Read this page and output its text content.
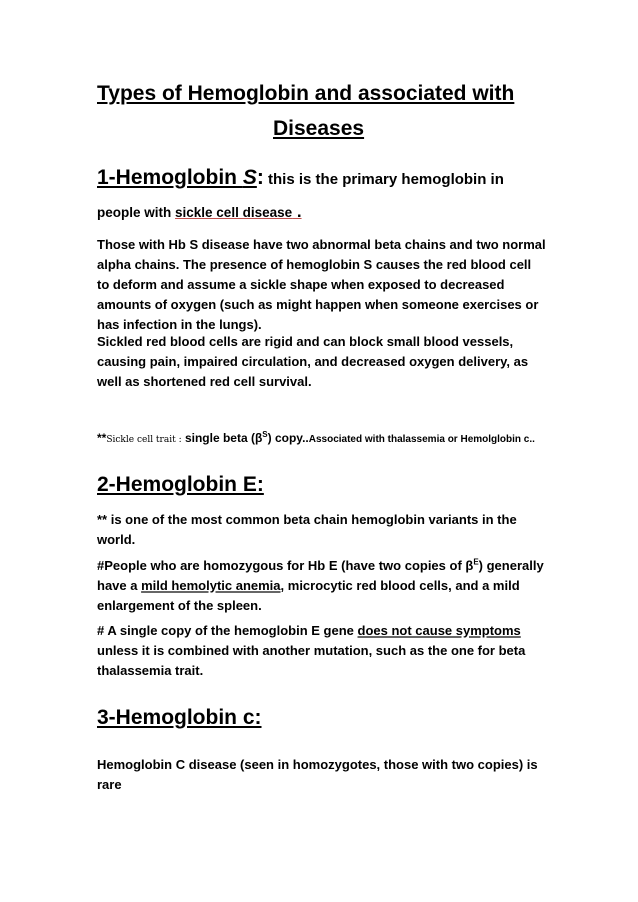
Types of Hemoglobin and associated with
Diseases
1-Hemoglobin S: this is the primary hemoglobin in
people with sickle cell disease .
Those with Hb S disease have two abnormal beta chains and two normal alpha chains. The presence of hemoglobin S causes the red blood cell to deform and assume a sickle shape when exposed to decreased amounts of oxygen (such as might happen when someone exercises or has infection in the lungs).
Sickled red blood cells are rigid and can block small blood vessels, causing pain, impaired circulation, and decreased oxygen delivery, as well as shortened red cell survival.
**Sickle cell trait : single beta $(\beta^S)$ copy..Associated with thalassemia or Hemolglobin c..
2-Hemoglobin E:
** is one of the most common beta chain hemoglobin variants in the world.
#People who are homozygous for Hb E (have two copies of $\beta^E$) generally have a mild hemolytic anemia, microcytic red blood cells, and a mild enlargement of the spleen.
# A single copy of the hemoglobin E gene does not cause symptoms unless it is combined with another mutation, such as the one for beta thalassemia trait.
3-Hemoglobin c:
Hemoglobin C disease (seen in homozygotes, those with two copies) is rare
